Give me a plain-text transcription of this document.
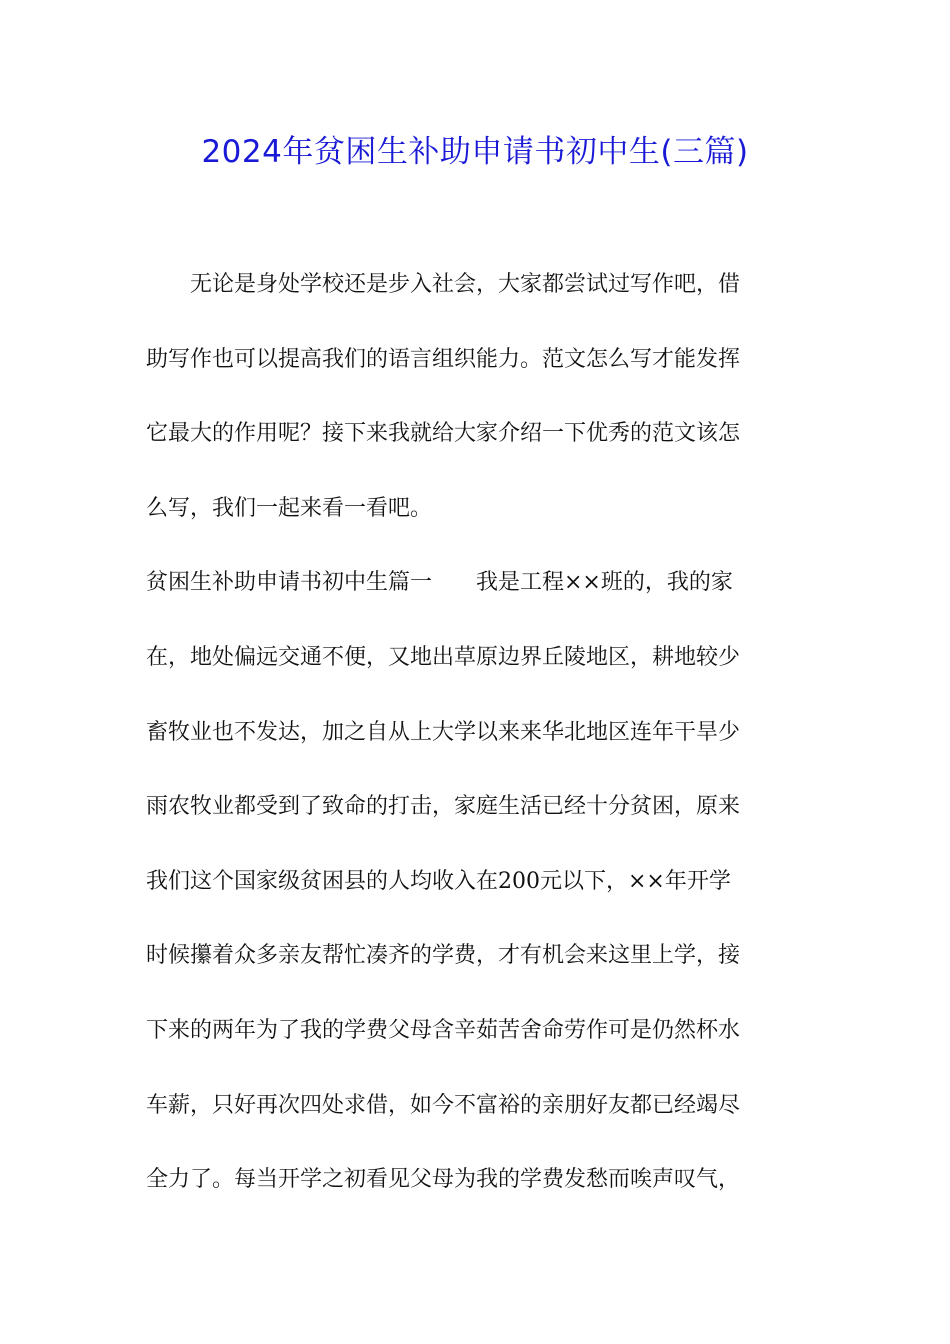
2024年贫困生补助申请书初中生(三篇)
　　无论是身处学校还是步入社会，大家都尝试过写作吧，借
助写作也可以提高我们的语言组织能力。范文怎么写才能发挥
它最大的作用呢？接下来我就给大家介绍一下优秀的范文该怎
么写，我们一起来看一看吧。
贫困生补助申请书初中生篇一　　我是工程××班的，我的家
在，地处偏远交通不便，又地出草原边界丘陵地区，耕地较少
畜牧业也不发达，加之自从上大学以来来华北地区连年干旱少
雨农牧业都受到了致命的打击，家庭生活已经十分贫困，原来
我们这个国家级贫困县的人均收入在200元以下，××年开学
时候攥着众多亲友帮忙凑齐的学费，才有机会来这里上学，接
下来的两年为了我的学费父母含辛茹苦舍命劳作可是仍然杯水
车薪，只好再次四处求借，如今不富裕的亲朋好友都已经竭尽
全力了。每当开学之初看见父母为我的学费发愁而唉声叹气，
